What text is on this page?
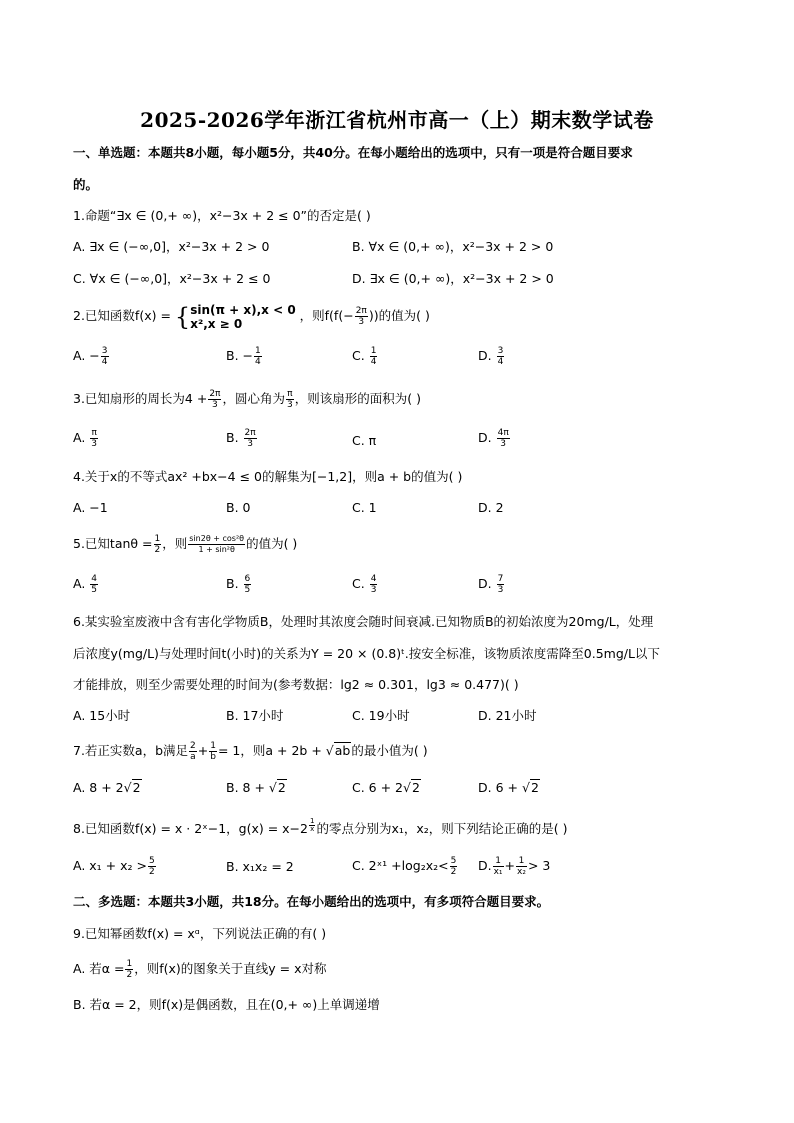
2025-2026学年浙江省杭州市高一（上）期末数学试卷
一、单选题：本题共8小题，每小题5分，共40分。在每小题给出的选项中，只有一项是符合题目要求
的。
1.命题“∃x ∈ (0,+ ∞)，x²−3x + 2 ≤ 0”的否定是( )
A. ∃x ∈ (−∞,0]，x²−3x + 2 > 0	B. ∀x ∈ (0,+ ∞)，x²−3x + 2 > 0
C. ∀x ∈ (−∞,0]，x²−3x + 2 ≤ 0	D. ∃x ∈ (0,+ ∞)，x²−3x + 2 > 0
2.已知函数f(x) = { sin(π + x),x < 0
x²,x ≥ 0
，则$f(f(- \frac{2\pi}{3}$ ))的值为( )
A. − $\frac{3}{4}$	B. − $\frac{1}{4}$	C. $\frac{1}{4}$	D. $\frac{3}{4}$
3.已知扇形的周长为$4 + \frac{2\pi}{3}$ ，圆心角为 $\frac{\pi}{3}$ ，则该扇形的面积为( )
A. $\frac{\pi}{3}$	B. $\frac{2\pi}{3}$	C. π	D. $\frac{4\pi}{3}$
4.关于x的不等式ax² +bx−4 ≤ 0的解集为[−1,2]，则a + b的值为( )
A. −1	B. 0	C. 1	D. 2
5.已知$\tan\theta = \frac{1}{2}$ ，则 $\frac{\text{sin2θ + cos²θ}}{\text{1 + sin²θ}}$ 的值为( )
A. $\frac{4}{5}$	B. $\frac{6}{5}$	C. $\frac{4}{3}$	D. $\frac{7}{3}$
6.某实验室废液中含有害化学物质B，处理时其浓度会随时间衰减.已知物质B的初始浓度为20mg/L，处理
后浓度y(mg/L)与处理时间t(小时)的关系为Y = 20 × (0.8)ᵗ.按安全标准，该物质浓度需降至0.5mg/L以下
才能排放，则至少需要处理的时间为(参考数据：lg2 ≈ 0.301，lg3 ≈ 0.477)( )
A. 15小时	B. 17小时	C. 19小时	D. 21小时
7.若正实数a，b满足 $\frac{2}{a} + \frac{1}{b} = 1$，则a + 2b + √ab的最小值为( )
A. 8 + 2√2	B. 8 + √2	C. 6 + 2√2	D. 6 + √2
8.已知函数f(x) = x · 2ˣ−1，$g(x) = x-2 \frac{1}{x}$ 的零点分别为x₁，x₂，则下列结论正确的是( )
A. $x_1 + x_2 > \frac{5}{2}$	B. x₁x₂ = 2	C. 2ˣ¹ $+\log_2x_2< \frac{5}{2} D$. $\frac{1}{\text{x₁}} + \frac{1}{\text{x₂}} > 3$
二、多选题：本题共3小题，共18分。在每小题给出的选项中，有多项符合题目要求。
9.已知幂函数f(x) = xᵅ，下列说法正确的有( )
A. 若$\alpha = \frac{1}{2}$ ，则f(x)的图象关于直线y = x对称
B. 若α = 2，则f(x)是偶函数，且在(0,+ ∞)上单调递增
